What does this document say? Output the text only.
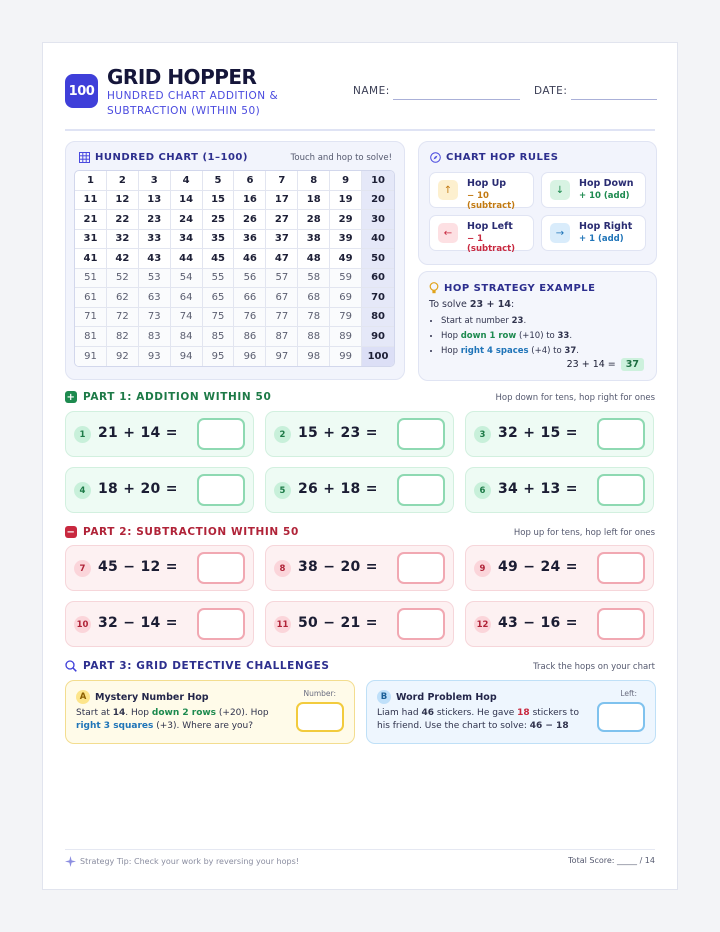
100
GRID HOPPER
HUNDRED CHART ADDITION & SUBTRACTION (WITHIN 50)
NAME:	DATE:
HUNDRED CHART (1–100)	Touch and hop to solve!
1	2	3	4	5	6	7	8	9	10
11	12	13	14	15	16	17	18	19	20
21	22	23	24	25	26	27	28	29	30
31	32	33	34	35	36	37	38	39	40
41	42	43	44	45	46	47	48	49	50
51	52	53	54	55	56	57	58	59	60
61	62	63	64	65	66	67	68	69	70
71	72	73	74	75	76	77	78	79	80
81	82	83	84	85	86	87	88	89	90
91	92	93	94	95	96	97	98	99	100
CHART HOP RULES
↑
Hop Up
− 10 (subtract)
↓
Hop Down
+ 10 (add)
←
Hop Left
− 1 (subtract)
→
Hop Right
+ 1 (add)
HOP STRATEGY EXAMPLE
To solve 23 + 14:
• Start at number 23.
• Hop down 1 row (+10) to 33.
• Hop right 4 spaces (+4) to 37.
23 + 14 =	37
+ PART 1: ADDITION WITHIN 50	Hop down for tens, hop right for ones
1 21 + 14 =	2 15 + 23 =	3 32 + 15 =
4 18 + 20 =	5 26 + 18 =	6 34 + 13 =
− PART 2: SUBTRACTION WITHIN 50	Hop up for tens, hop left for ones
7 45 − 12 =	8 38 − 20 =	9 49 − 24 =
10 32 − 14 =	11 50 − 21 =	12 43 − 16 =
PART 3: GRID DETECTIVE CHALLENGES	Track the hops on your chart
A Mystery Number Hop	Number:
Start at 14. Hop down 2 rows (+20). Hop right 3 squares (+3). Where are you?
B Word Problem Hop	Left:
Liam had 46 stickers. He gave 18 stickers to his friend. Use the chart to solve: 46 − 18
Strategy Tip: Check your work by reversing your hops!	Total Score: _____ / 14
